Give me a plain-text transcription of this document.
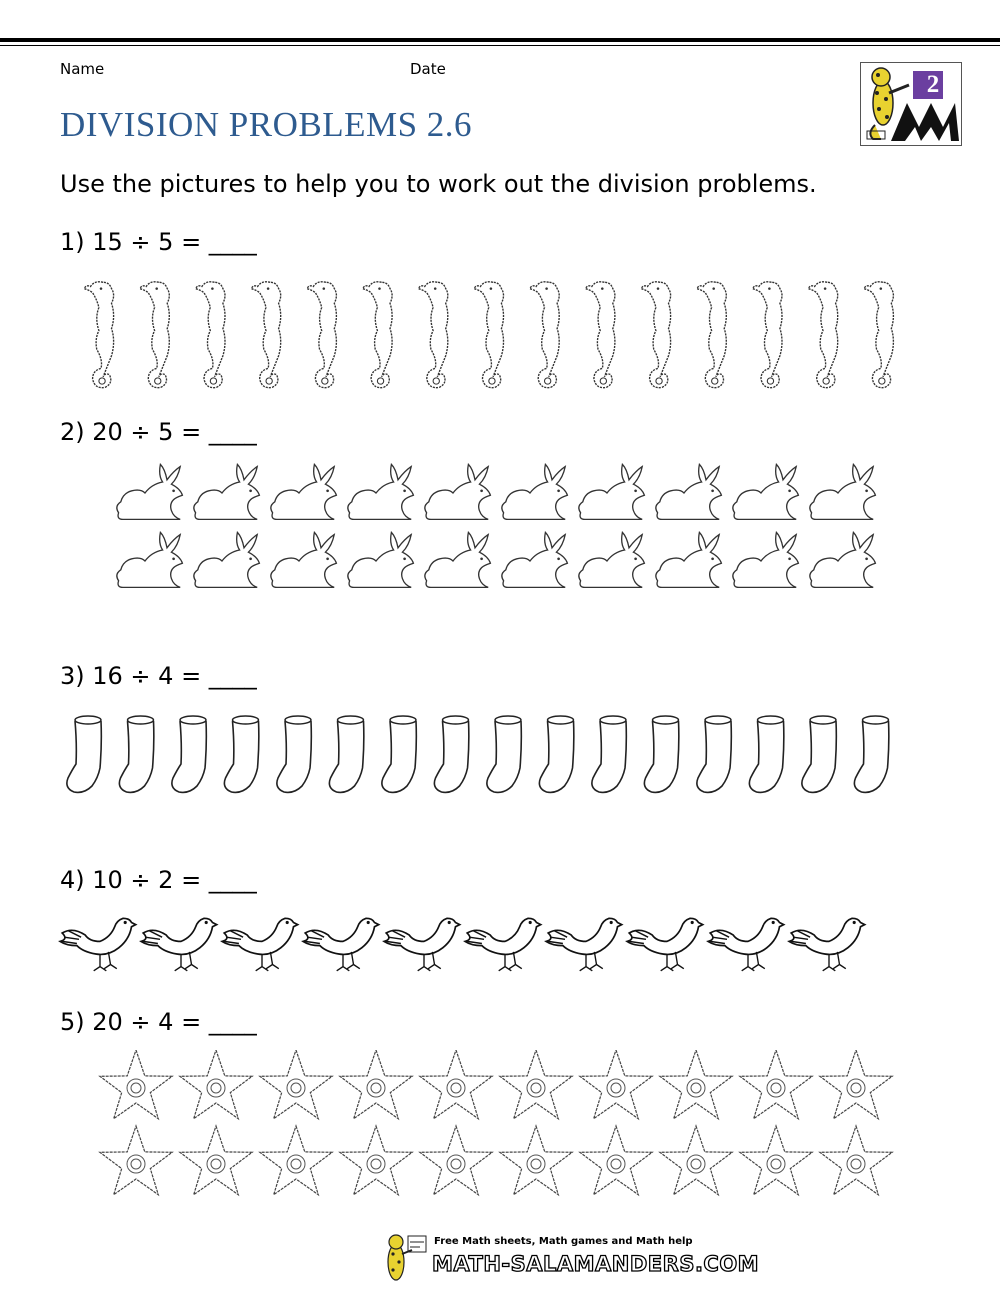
Name	Date
DIVISION PROBLEMS 2.6
2
Use the pictures to help you to work out the division problems.
1) 15 ÷ 5 = ____
2) 20 ÷ 5 = ____
3) 16 ÷ 4 = ____
4) 10 ÷ 2 = ____
5) 20 ÷ 4 = ____
Free Math sheets, Math games and Math help
MATH-SALAMANDERS.COM
